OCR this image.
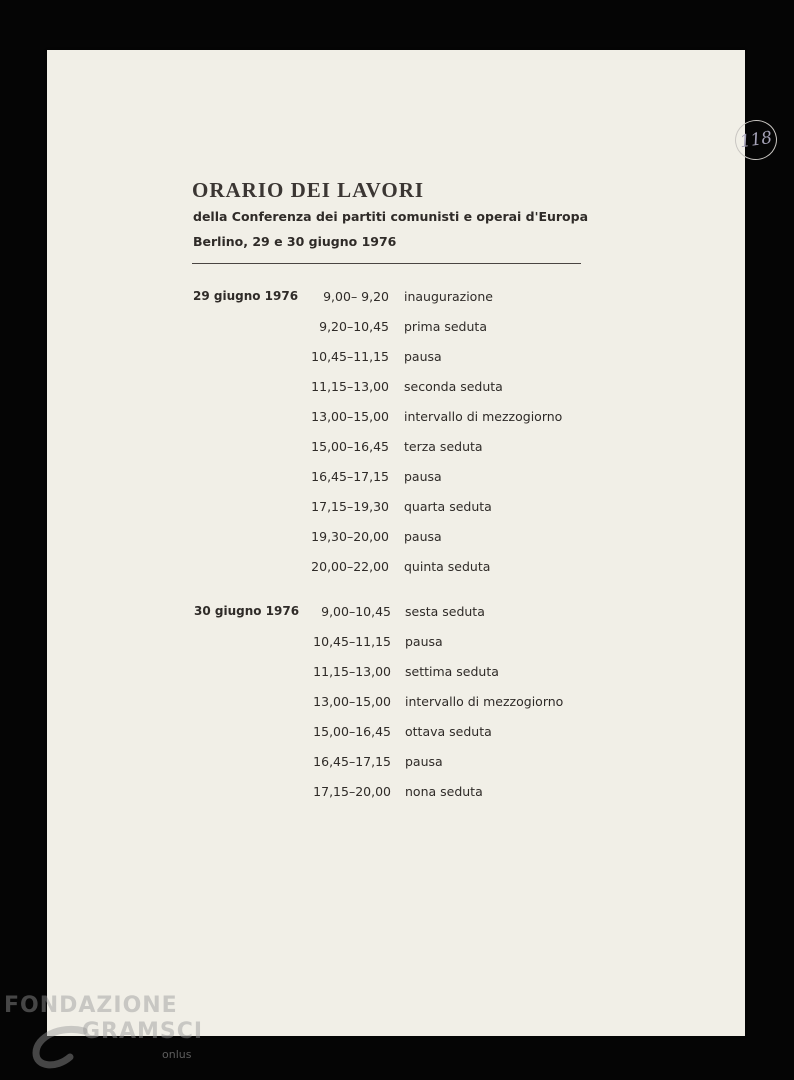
118
ORARIO DEI LAVORI

della Conferenza dei partiti comunisti e operai d'Europa

Berlino, 29 e 30 giugno 1976

29 giugno 1976	9,00– 9,20 inaugurazione
9,20–10,45 prima seduta
10,45–11,15 pausa
11,15–13,00 seconda seduta
13,00–15,00 intervallo di mezzogiorno
15,00–16,45 terza seduta
16,45–17,15 pausa
17,15–19,30 quarta seduta
19,30–20,00 pausa
20,00–22,00 quinta seduta
30 giugno 1976	9,00–10,45 sesta seduta
10,45–11,15 pausa
11,15–13,00 settima seduta
13,00–15,00 intervallo di mezzogiorno
15,00–16,45 ottava seduta
16,45–17,15 pausa
17,15–20,00 nona seduta
FONDAZIONE
GRAMSCI
onlus
